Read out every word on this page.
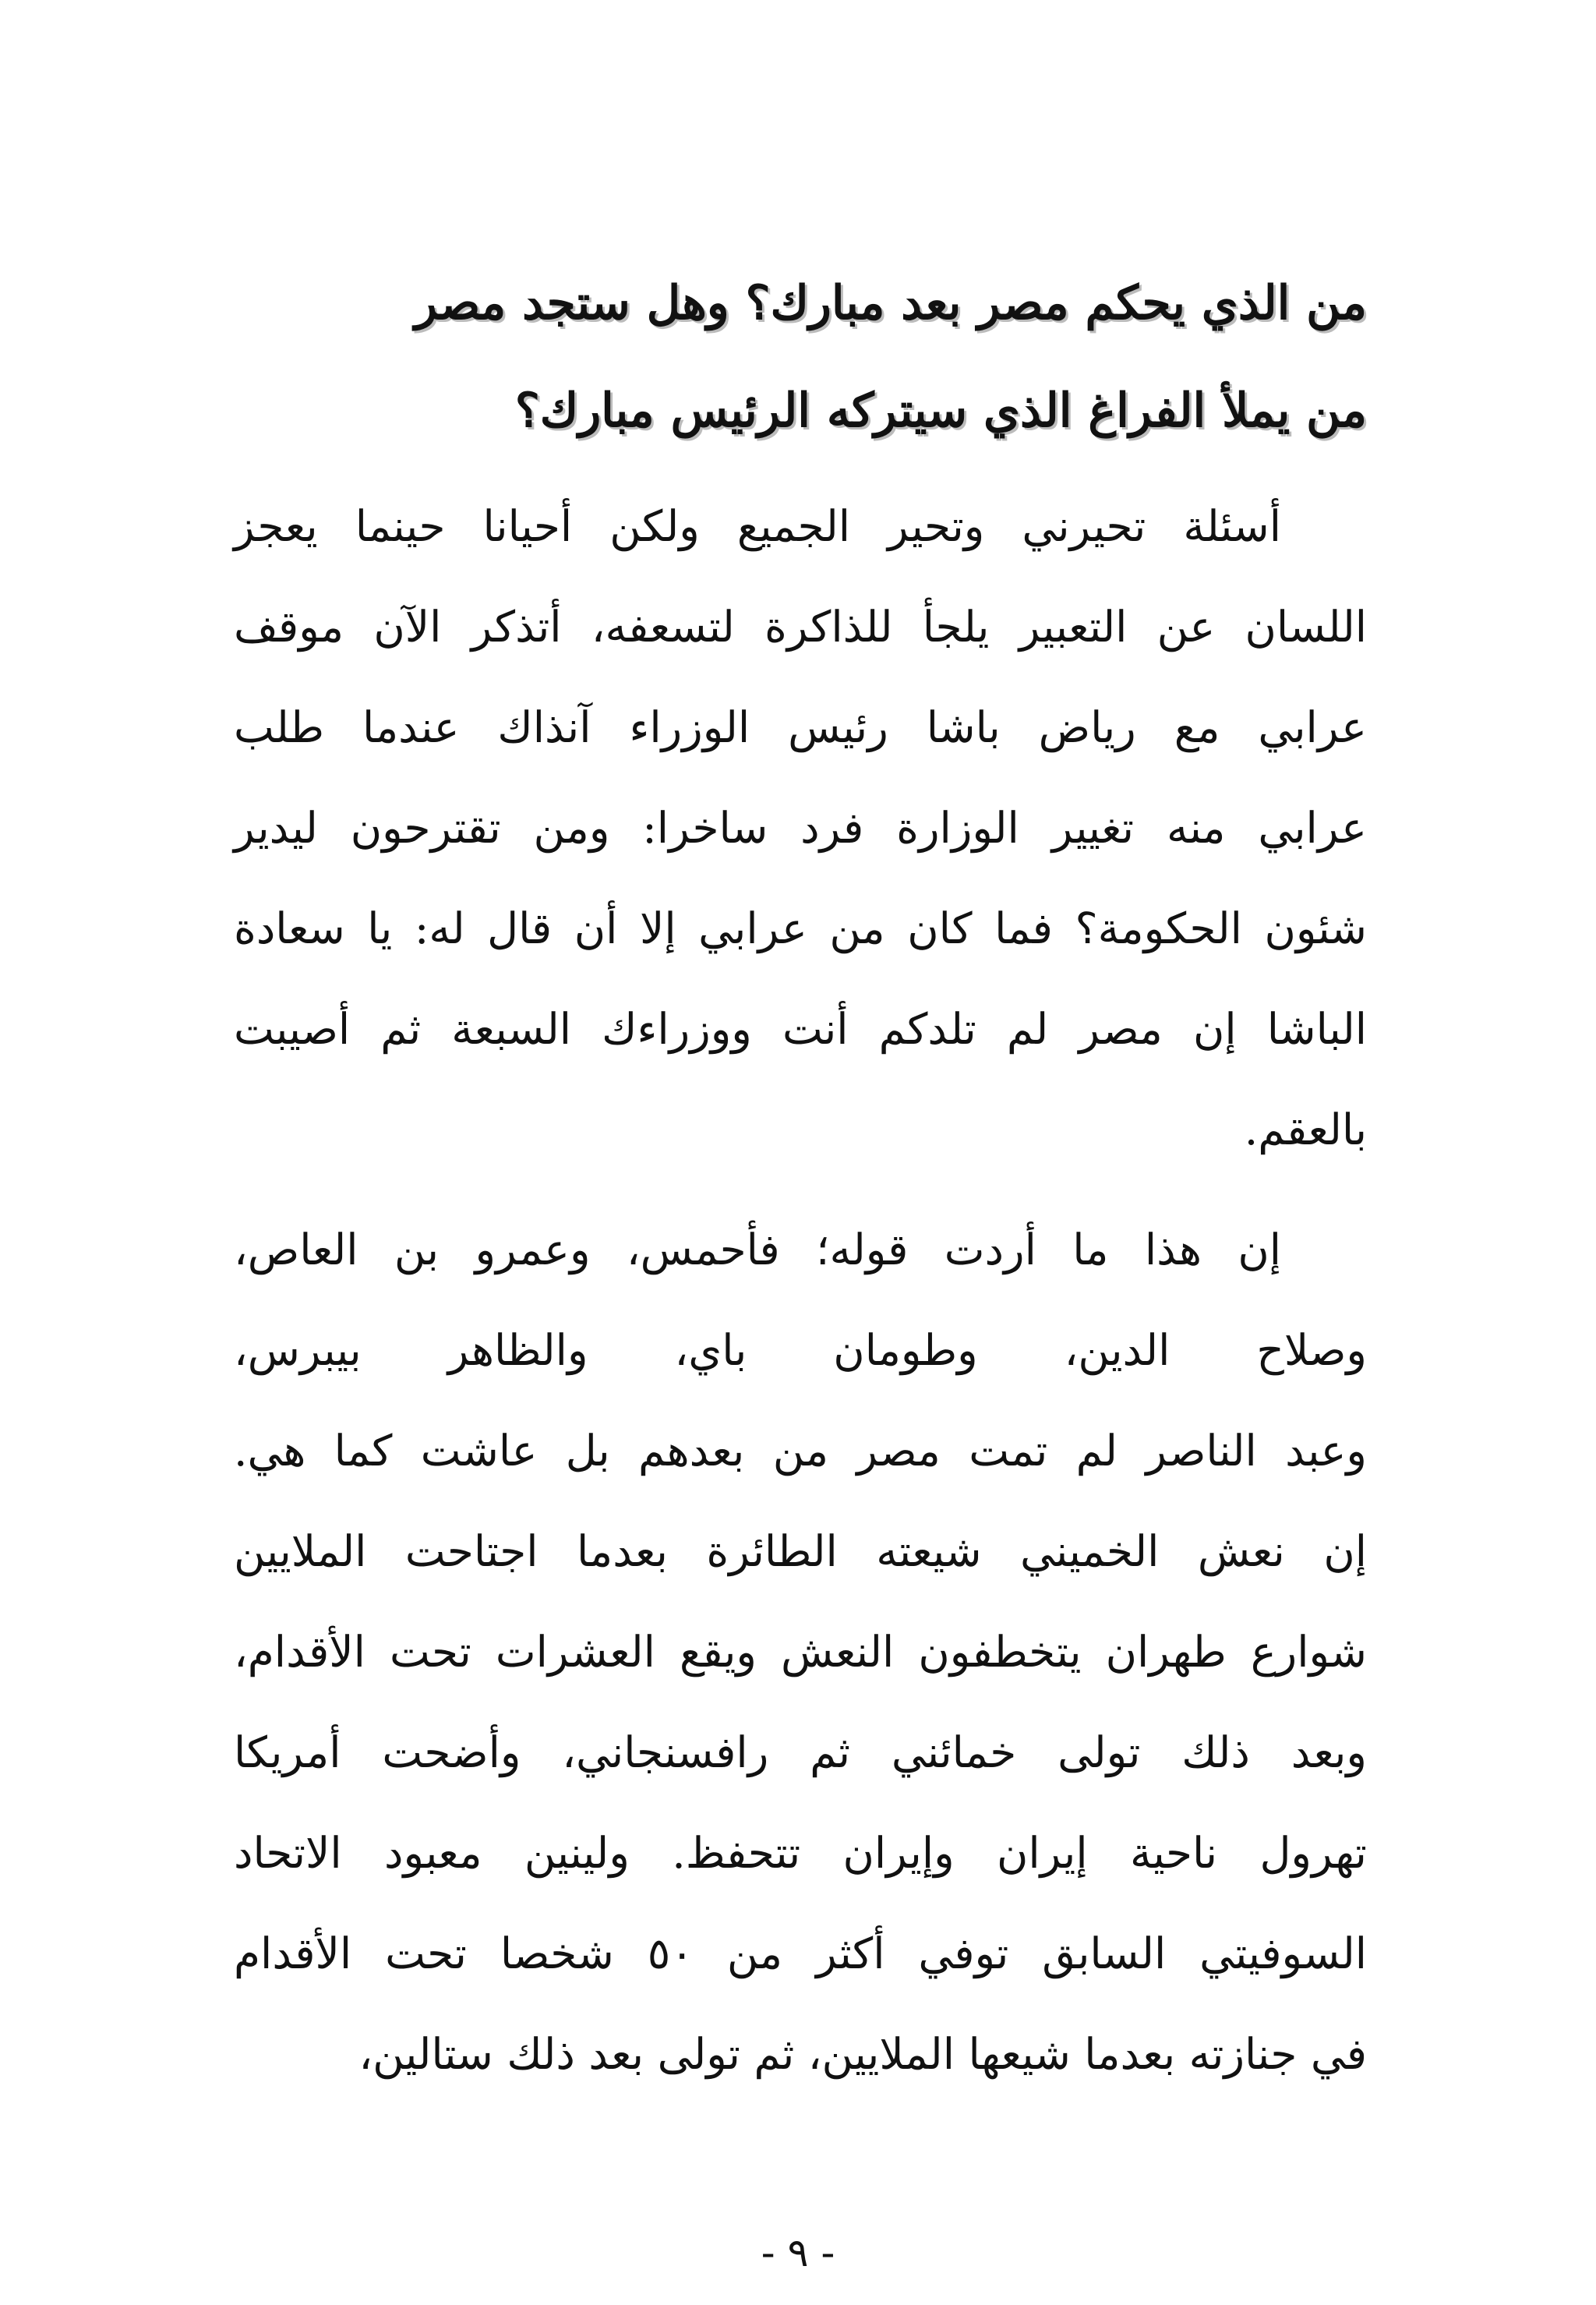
من الذي يحكم مصر بعد مبارك؟ وهل ستجد مصر
من يملأ الفراغ الذي سيتركه الرئيس مبارك؟
أسئلة تحيرني وتحير الجميع ولكن أحيانا حينما يعجز
اللسان عن التعبير يلجأ للذاكرة لتسعفه، أتذكر الآن موقف
عرابي مع رياض باشا رئيس الوزراء آنذاك عندما طلب
عرابي منه تغيير الوزارة فرد ساخرا: ومن تقترحون ليدير
شئون الحكومة؟ فما كان من عرابي إلا أن قال له: يا سعادة
الباشا إن مصر لم تلدكم أنت ووزراءك السبعة ثم أصيبت
بالعقم.
إن هذا ما أردت قوله؛ فأحمس، وعمرو بن العاص،
وصلاح الدين، وطومان باي، والظاهر بيبرس،
وعبد الناصر لم تمت مصر من بعدهم بل عاشت كما هي.
إن نعش الخميني شيعته الطائرة بعدما اجتاحت الملايين
شوارع طهران يتخطفون النعش ويقع العشرات تحت الأقدام،
وبعد ذلك تولى خمائني ثم رافسنجاني، وأضحت أمريكا
تهرول ناحية إيران وإيران تتحفظ. ولينين معبود الاتحاد
السوفيتي السابق توفي أكثر من ٥٠ شخصا تحت الأقدام
في جنازته بعدما شيعها الملايين، ثم تولى بعد ذلك ستالين،
- ٩ -
